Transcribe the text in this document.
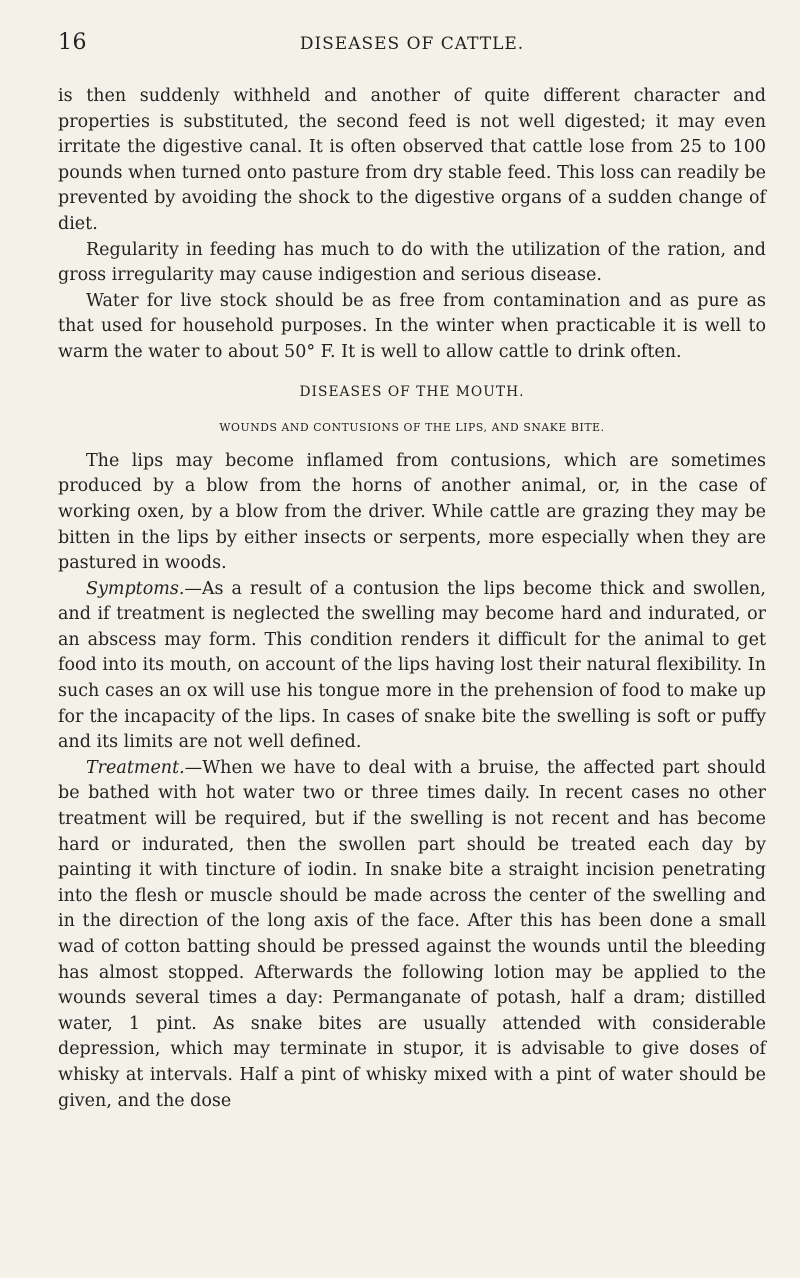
16	DISEASES OF CATTLE.

is then suddenly withheld and another of quite different character and properties is substituted, the second feed is not well digested; it may even irritate the digestive canal. It is often observed that cattle lose from 25 to 100 pounds when turned onto pasture from dry stable feed. This loss can readily be prevented by avoiding the shock to the digestive organs of a sudden change of diet.

Regularity in feeding has much to do with the utilization of the ration, and gross irregularity may cause indigestion and serious disease.

Water for live stock should be as free from contamination and as pure as that used for household purposes. In the winter when practicable it is well to warm the water to about 50° F. It is well to allow cattle to drink often.

DISEASES OF THE MOUTH.
WOUNDS AND CONTUSIONS OF THE LIPS, AND SNAKE BITE.

The lips may become inflamed from contusions, which are sometimes produced by a blow from the horns of another animal, or, in the case of working oxen, by a blow from the driver. While cattle are grazing they may be bitten in the lips by either insects or serpents, more especially when they are pastured in woods.

Symptoms.—As a result of a contusion the lips become thick and swollen, and if treatment is neglected the swelling may become hard and indurated, or an abscess may form. This condition renders it difficult for the animal to get food into its mouth, on account of the lips having lost their natural flexibility. In such cases an ox will use his tongue more in the prehension of food to make up for the incapacity of the lips. In cases of snake bite the swelling is soft or puffy and its limits are not well defined.

Treatment.—When we have to deal with a bruise, the affected part should be bathed with hot water two or three times daily. In recent cases no other treatment will be required, but if the swelling is not recent and has become hard or indurated, then the swollen part should be treated each day by painting it with tincture of iodin. In snake bite a straight incision penetrating into the flesh or muscle should be made across the center of the swelling and in the direction of the long axis of the face. After this has been done a small wad of cotton batting should be pressed against the wounds until the bleeding has almost stopped. Afterwards the following lotion may be applied to the wounds several times a day: Permanganate of potash, half a dram; distilled water, 1 pint. As snake bites are usually attended with considerable depression, which may terminate in stupor, it is advisable to give doses of whisky at intervals. Half a pint of whisky mixed with a pint of water should be given, and the dose
